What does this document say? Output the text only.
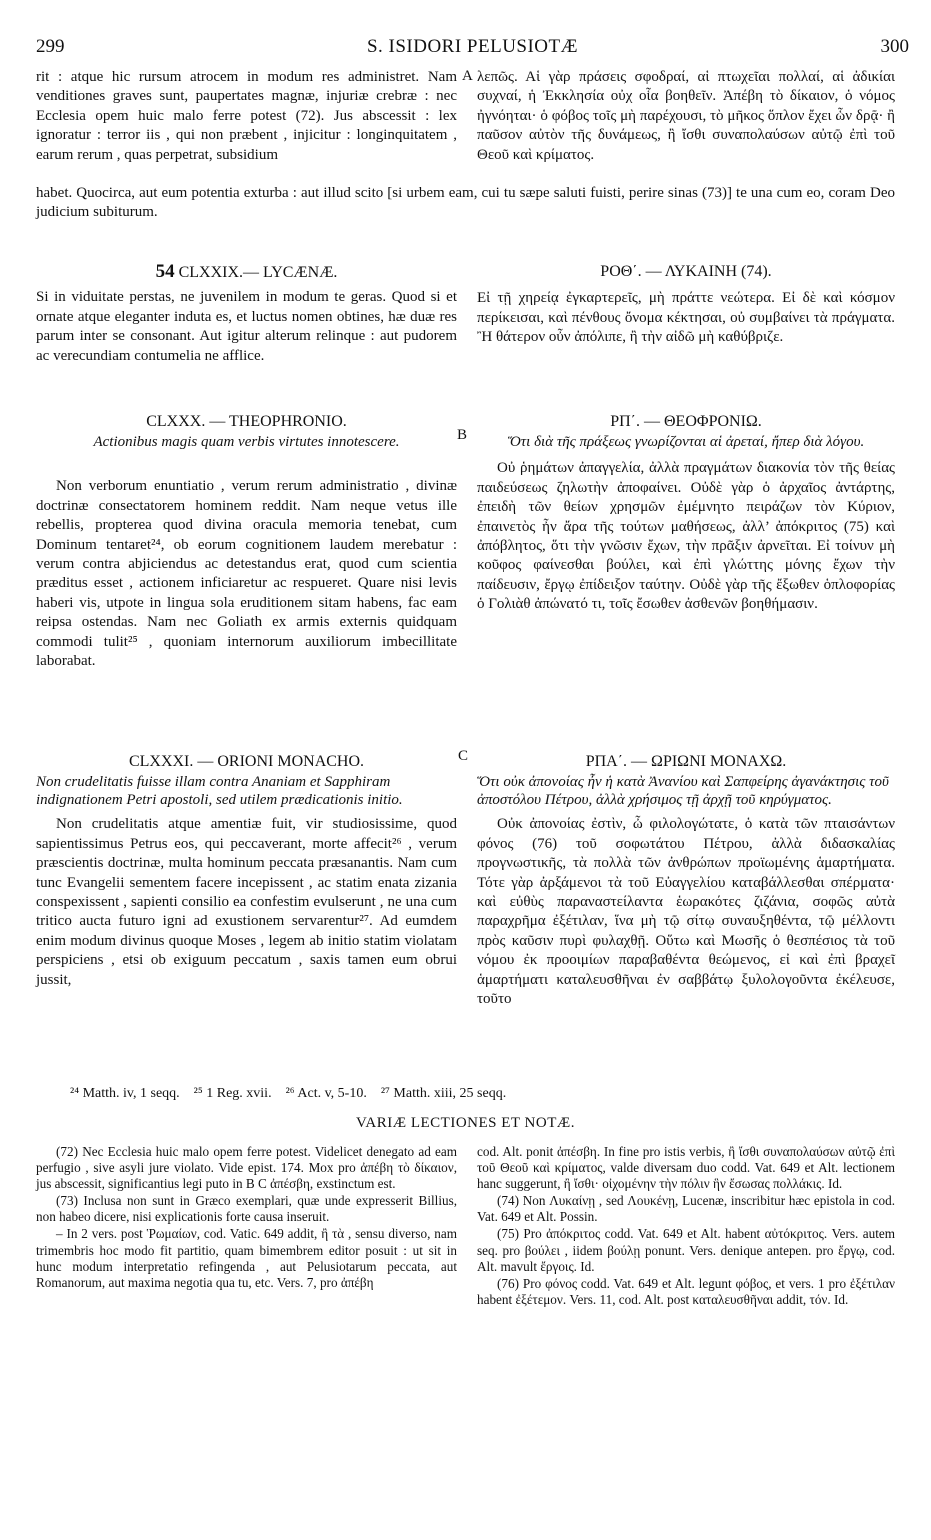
299	S. ISIDORI PELUSIOTÆ	300
A
B
C

rit : atque hic rursum atrocem in modum res administret. Nam venditiones graves sunt, paupertates magnæ, injuriæ crebræ : nec Ecclesia opem huic malo ferre potest (72). Jus abscessit : lex ignoratur : terror iis , qui non præbent , injicitur : longinquitatem , earum rerum , quas perpetrat, subsidium

λεπῶς. Αἱ γὰρ πράσεις σφοδραί, αἱ πτωχεῖαι πολλαί, αἱ ἀδικίαι συχναί, ἡ Ἐκκλησία οὐχ οἷα βοηθεῖν. Ἀπέβη τὸ δίκαιον, ὁ νόμος ἠγνόηται· ὁ φόβος τοῖς μὴ παρέχουσι, τὸ μῆκος ὅπλον ἔχει ὧν δρᾷ· ἢ παῦσον αὐτὸν τῆς δυνάμεως, ἢ ἴσθι συναπολαύσων αὐτῷ ἐπὶ τοῦ Θεοῦ καὶ κρίματος.

habet. Quocirca, aut eum potentia exturba : aut illud scito [si urbem eam, cui tu sæpe saluti fuisti, perire sinas (73)] te una cum eo, coram Deo judicium subiturum.

54 CLXXIX.— LYCÆNÆ.

Si in viduitate perstas, ne juvenilem in modum te geras. Quod si et ornate atque eleganter induta es, et luctus nomen obtines, hæ duæ res parum inter se consonant. Aut igitur alterum relinque : aut pudorem ac verecundiam contumelia ne afflice.

ΡΟΘ΄. — ΛΥΚΑΙΝΗ (74).

Εἰ τῇ χηρείᾳ ἐγκαρτερεῖς, μὴ πράττε νεώτερα. Εἰ δὲ καὶ κόσμον περίκεισαι, καὶ πένθους ὄνομα κέκτησαι, οὐ συμβαίνει τὰ πράγματα. Ἢ θάτερον οὖν ἀπόλιπε, ἢ τὴν αἰδῶ μὴ καθύβριζε.

CLXXX. — THEOPHRONIO.

Actionibus magis quam verbis virtutes innotescere.

Non verborum enuntiatio , verum rerum administratio , divinæ doctrinæ consectatorem hominem reddit. Nam neque vetus ille rebellis, propterea quod divina oracula memoria tenebat, cum Dominum tentaret²⁴, ob eorum cognitionem laudem merebatur : verum contra abjiciendus ac detestandus erat, quod cum scientia præditus esset , actionem inficiaretur ac respueret. Quare nisi levis haberi vis, utpote in lingua sola eruditionem sitam habens, fac eam reipsa ostendas. Nam nec Goliath ex armis externis quidquam commodi tulit²⁵ , quoniam internorum auxiliorum imbecillitate laborabat.

ΡΠ΄. — ΘΕΟΦΡΟΝΙΩ.

Ὅτι διὰ τῆς πράξεως γνωρίζονται αἱ ἀρεταί, ἤπερ διὰ λόγου.

Οὐ ῥημάτων ἀπαγγελία, ἀλλὰ πραγμάτων διακονία τὸν τῆς θείας παιδεύσεως ζηλωτὴν ἀποφαίνει. Οὐδὲ γὰρ ὁ ἀρχαῖος ἀντάρτης, ἐπειδὴ τῶν θείων χρησμῶν ἐμέμνητο πειράζων τὸν Κύριον, ἐπαινετὸς ἦν ἄρα τῆς τούτων μαθήσεως, ἀλλ’ ἀπόκριτος (75) καὶ ἀπόβλητος, ὅτι τὴν γνῶσιν ἔχων, τὴν πρᾶξιν ἀρνεῖται. Εἰ τοίνυν μὴ κοῦφος φαίνεσθαι βούλει, καὶ ἐπὶ γλώττης μόνης ἔχων τὴν παίδευσιν, ἔργῳ ἐπίδειξον ταύτην. Οὐδὲ γὰρ τῆς ἔξωθεν ὁπλοφορίας ὁ Γολιὰθ ἀπώνατό τι, τοῖς ἔσωθεν ἀσθενῶν βοηθήμασιν.

CLXXXI. — ORIONI MONACHO.

Non crudelitatis fuisse illam contra Ananiam et Sapphiram indignationem Petri apostoli, sed utilem prædicationis initio.

Non crudelitatis atque amentiæ fuit, vir studiosissime, quod sapientissimus Petrus eos, qui peccaverant, morte affecit²⁶ , verum præscientis doctrinæ, multa hominum peccata præsanantis. Nam cum tunc Evangelii sementem facere incepissent , ac statim enata zizania conspexissent , sapienti consilio ea confestim evulserunt , ne una cum tritico aucta futuro igni ad exustionem servarentur²⁷. Ad eumdem enim modum divinus quoque Moses , legem ab initio statim violatam perspiciens , etsi ob exiguum peccatum , saxis tamen eum obrui jussit,

ΡΠΑ΄. — ΩΡΙΩΝΙ ΜΟΝΑΧΩ.

Ὅτι οὐκ ἀπονοίας ἦν ἡ κατὰ Ἀνανίου καὶ Σαπφείρης ἀγανάκτησις τοῦ ἀποστόλου Πέτρου, ἀλλὰ χρήσιμος τῇ ἀρχῇ τοῦ κηρύγματος.

Οὐκ ἀπονοίας ἐστὶν, ὦ φιλολογώτατε, ὁ κατὰ τῶν πταισάντων φόνος (76) τοῦ σοφωτάτου Πέτρου, ἀλλὰ διδασκαλίας προγνωστικῆς, τὰ πολλὰ τῶν ἀνθρώπων προϊωμένης ἁμαρτήματα. Τότε γὰρ ἀρξάμενοι τὰ τοῦ Εὐαγγελίου καταβάλλεσθαι σπέρματα· καὶ εὐθὺς παραναστείλαντα ἑωρακότες ζιζάνια, σοφῶς αὐτὰ παραχρῆμα ἐξέτιλαν, ἵνα μὴ τῷ σίτῳ συναυξηθέντα, τῷ μέλλοντι πρὸς καῦσιν πυρὶ φυλαχθῇ. Οὕτω καὶ Μωσῆς ὁ θεσπέσιος τὰ τοῦ νόμου ἐκ προοιμίων παραβαθέντα θεώμενος, εἰ καὶ ἐπὶ βραχεῖ ἁμαρτήματι καταλευσθῆναι ἐν σαββάτῳ ξυλολογοῦντα ἐκέλευσε, τοῦτο

²⁴ Matth. iv, 1 seqq.    ²⁵ 1 Reg. xvii.    ²⁶ Act. v, 5-10.    ²⁷ Matth. xiii, 25 seqq.
VARIÆ LECTIONES ET NOTÆ.

(72) Nec Ecclesia huic malo opem ferre potest. Videlicet denegato ad eam perfugio , sive asyli jure violato. Vide epist. 174. Mox pro ἀπέβη τὸ δίκαιον, jus abscessit, significantius legi puto in B C ἀπέσβη, exstinctum est.

(73) Inclusa non sunt in Græco exemplari, quæ unde expresserit Billius, non habeo dicere, nisi explicationis forte causa inseruit.

– In 2 vers. post Ῥωμαίων, cod. Vatic. 649 addit, ἢ τὰ , sensu diverso, nam trimembris hoc modo fit partitio, quam bimembrem editor posuit : ut sit in hunc modum interpretatio refingenda , aut Pelusiotarum peccata, aut Romanorum, aut maxima negotia qua tu, etc. Vers. 7, pro ἀπέβη

cod. Alt. ponit ἀπέσβη. In fine pro istis verbis, ἢ ἴσθι συναπολαύσων αὐτῷ ἐπὶ τοῦ Θεοῦ καὶ κρίματος, valde diversam duo codd. Vat. 649 et Alt. lectionem hanc suggerunt, ἢ ἴσθι· οἰχομένην τὴν πόλιν ἣν ἔσωσας πολλάκις. Id.

(74) Non Λυκαίνῃ , sed Λουκένῃ, Lucenæ, inscribitur hæc epistola in cod. Vat. 649 et Alt. Possin.

(75) Pro ἀπόκριτος codd. Vat. 649 et Alt. habent αὐτόκριτος. Vers. autem seq. pro βούλει , iidem βούλῃ ponunt. Vers. denique antepen. pro ἔργῳ, cod. Alt. mavult ἔργοις. Id.

(76) Pro φόνος codd. Vat. 649 et Alt. legunt φόβος, et vers. 1 pro ἐξέτιλαν habent ἐξέτεμον. Vers. 11, cod. Alt. post καταλευσθῆναι addit, τόν. Id.
